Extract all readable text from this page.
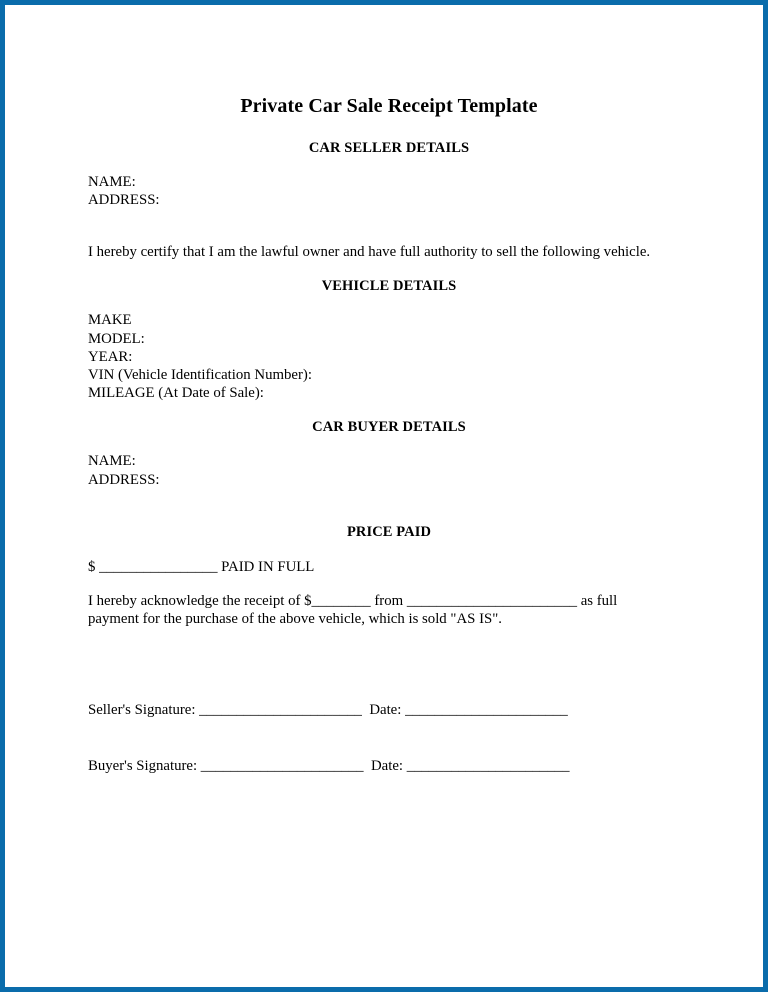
Private Car Sale Receipt Template
CAR SELLER DETAILS
NAME:
ADDRESS:

I hereby certify that I am the lawful owner and have full authority to sell the following vehicle.

VEHICLE DETAILS
MAKE
MODEL:
YEAR:
VIN (Vehicle Identification Number):
MILEAGE (At Date of Sale):
CAR BUYER DETAILS
NAME:
ADDRESS:
PRICE PAID

$ ________________ PAID IN FULL

I hereby acknowledge the receipt of $________ from _______________________ as full payment for the purchase of the above vehicle, which is sold "AS IS".

Seller's Signature: ______________________  Date: ______________________

Buyer's Signature: ______________________  Date: ______________________
